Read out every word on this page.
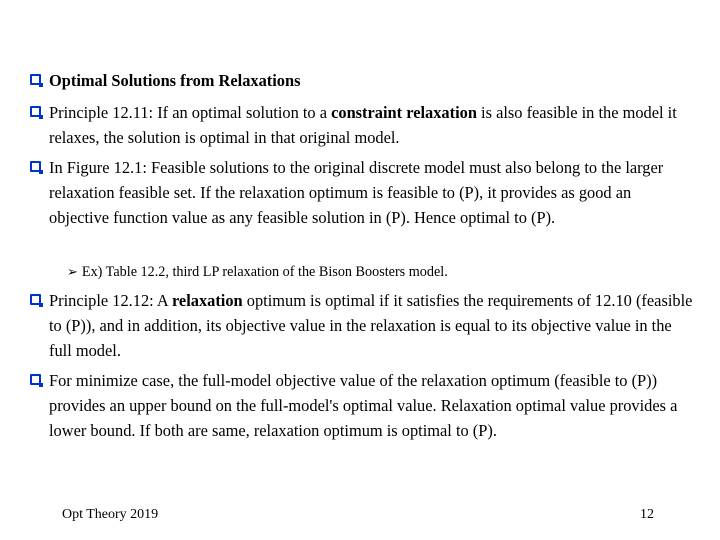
Optimal Solutions from Relaxations
Principle 12.11: If an optimal solution to a constraint relaxation is also feasible in the model it relaxes, the solution is optimal in that original model.
In Figure 12.1: Feasible solutions to the original discrete model must also belong to the larger relaxation feasible set. If the relaxation optimum is feasible to (P), it provides as good an objective function value as any feasible solution in (P). Hence optimal to (P).
➢ Ex) Table 12.2, third LP relaxation of the Bison Boosters model.
Principle 12.12: A relaxation optimum is optimal if it satisfies the requirements of 12.10 (feasible to (P)), and in addition, its objective value in the relaxation is equal to its objective value in the full model.
For minimize case, the full-model objective value of the relaxation optimum (feasible to (P)) provides an upper bound on the full-model's optimal value. Relaxation optimal value provides a lower bound. If both are same, relaxation optimum is optimal to (P).
Opt Theory 2019	12
